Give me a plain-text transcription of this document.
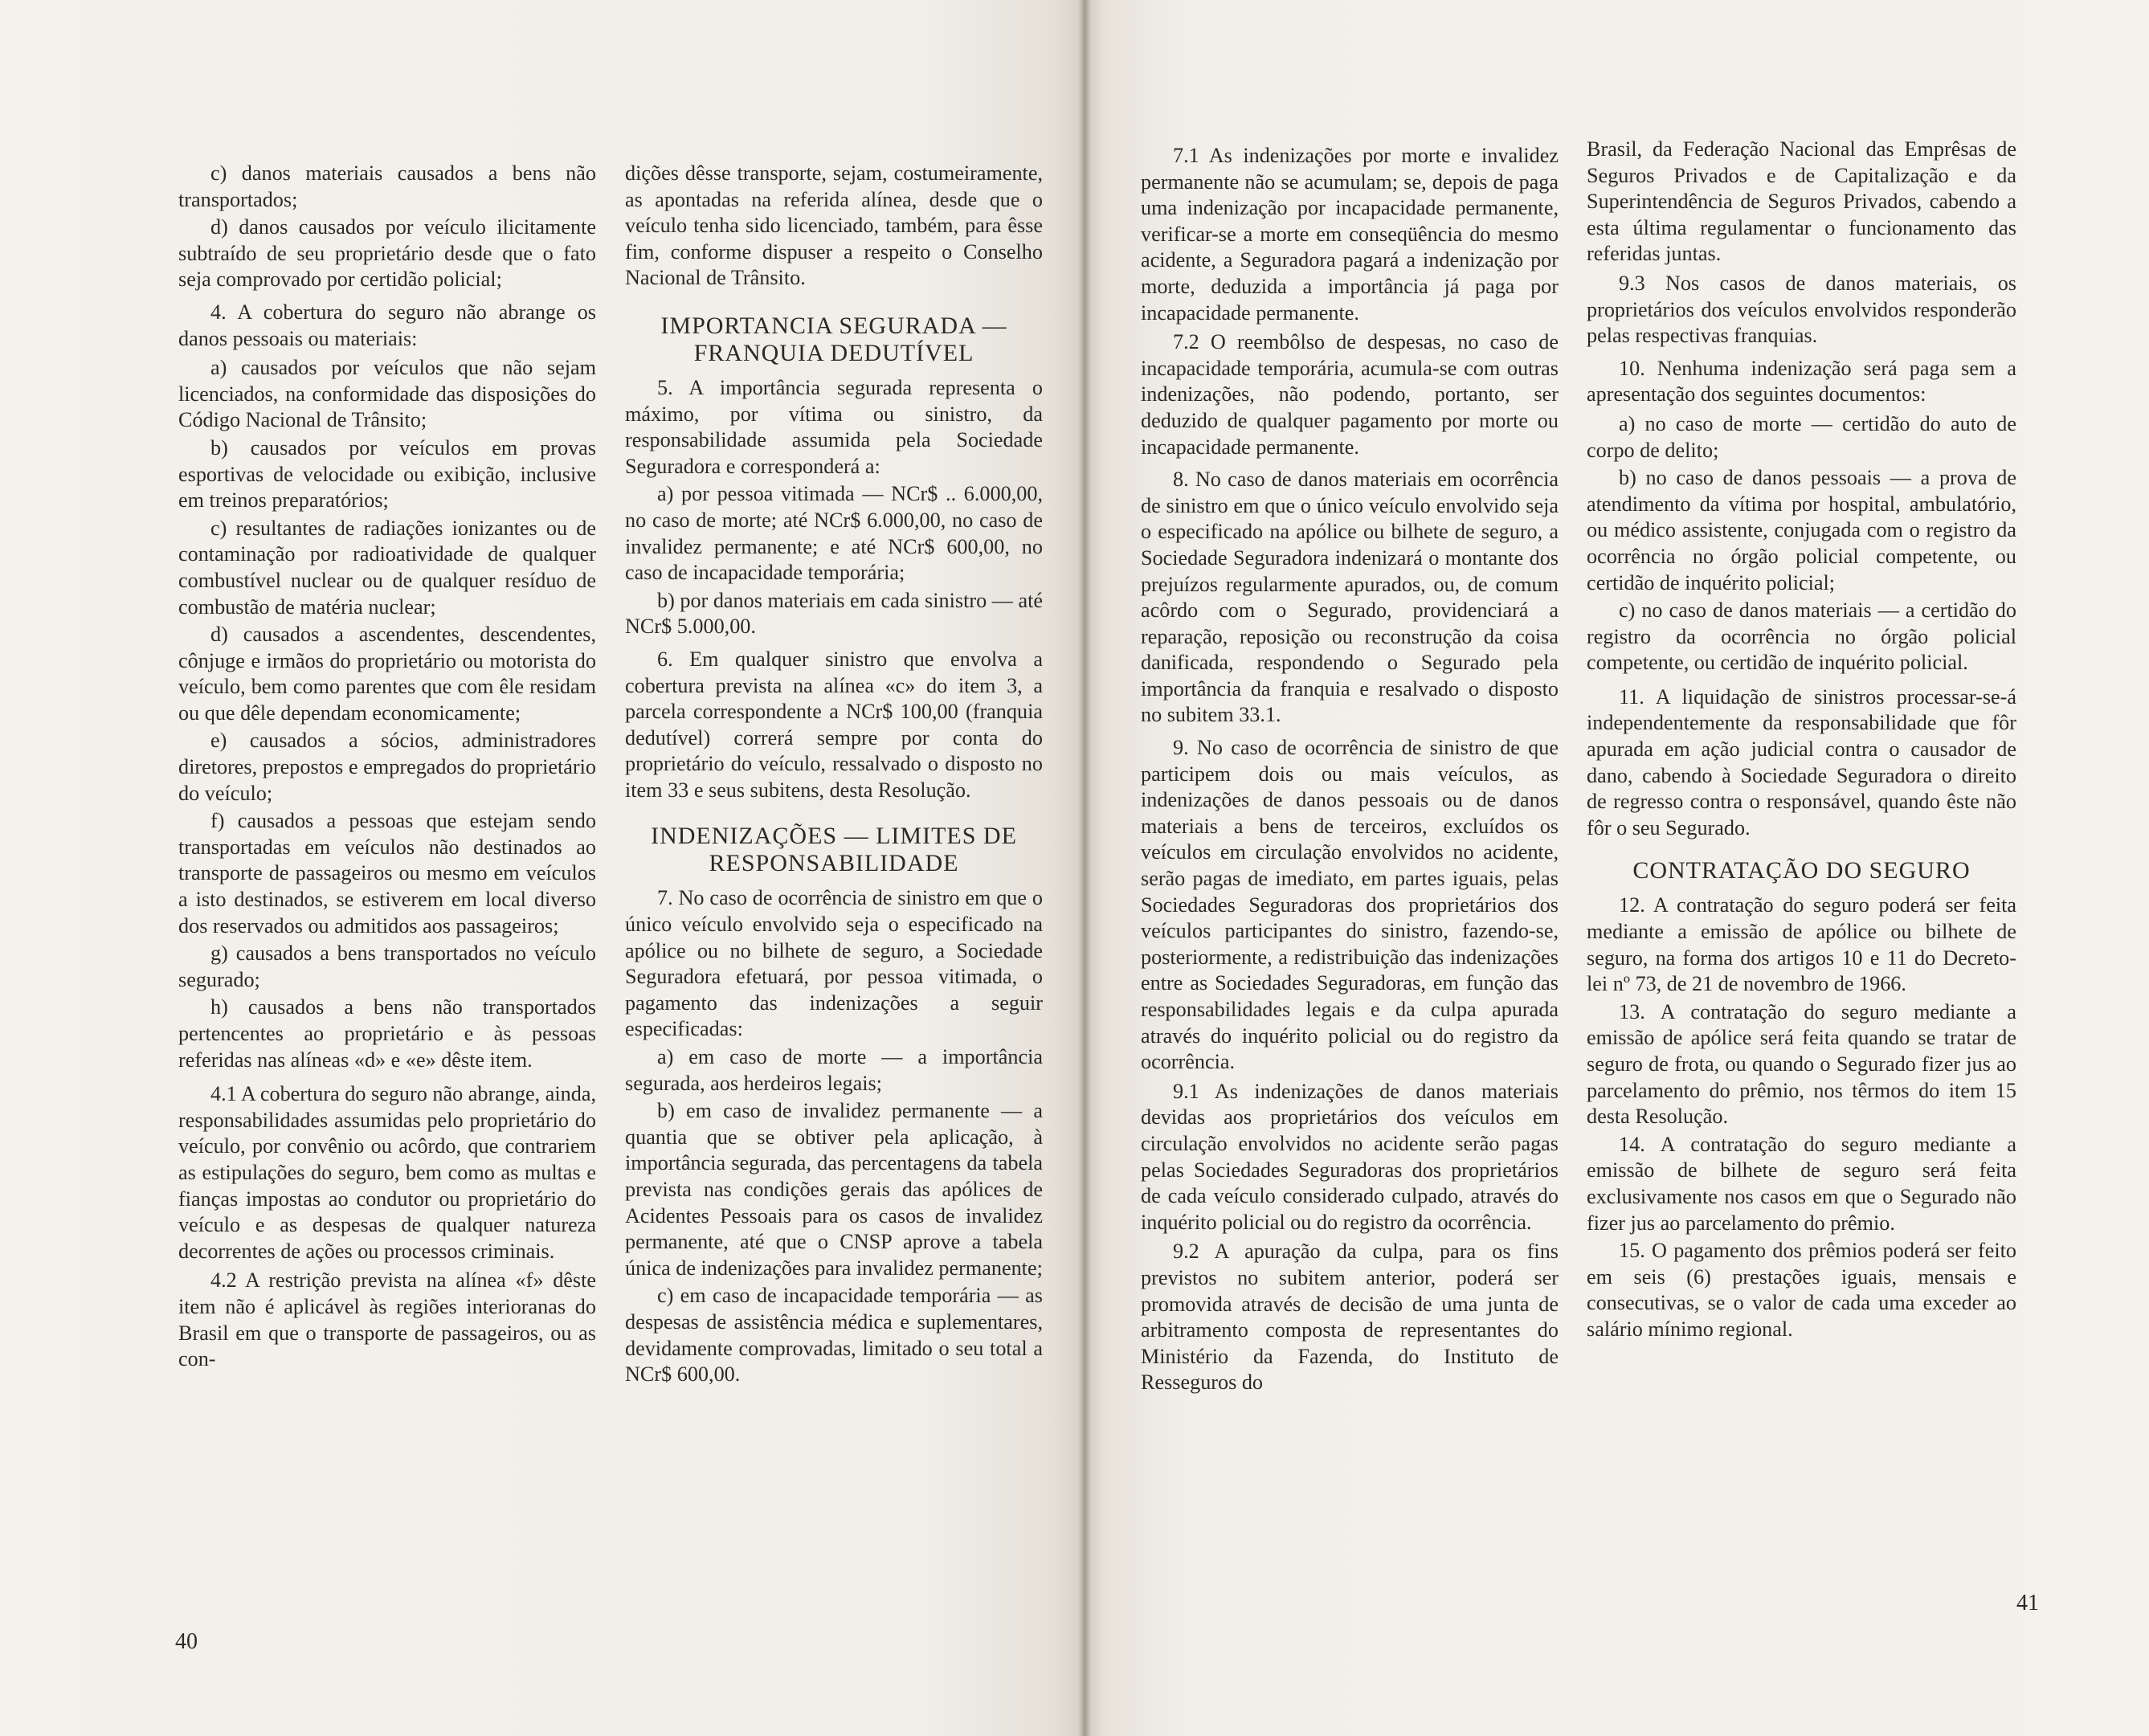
c) danos materiais causados a bens não transportados;

d) danos causados por veículo ilicitamente subtraído de seu proprietário desde que o fato seja comprovado por certidão policial;

4. A cobertura do seguro não abrange os danos pessoais ou materiais:

a) causados por veículos que não sejam licenciados, na conformidade das disposições do Código Nacional de Trânsito;

b) causados por veículos em provas esportivas de velocidade ou exibição, inclusive em treinos preparatórios;

c) resultantes de radiações ionizantes ou de contaminação por radioatividade de qualquer combustível nuclear ou de qualquer resíduo de combustão de matéria nuclear;

d) causados a ascendentes, descendentes, cônjuge e irmãos do proprietário ou motorista do veículo, bem como parentes que com êle residam ou que dêle dependam economicamente;

e) causados a sócios, administradores diretores, prepostos e empregados do proprietário do veículo;

f) causados a pessoas que estejam sendo transportadas em veículos não destinados ao transporte de passageiros ou mesmo em veículos a isto destinados, se estiverem em local diverso dos reservados ou admitidos aos passageiros;

g) causados a bens transportados no veículo segurado;

h) causados a bens não transportados pertencentes ao proprietário e às pessoas referidas nas alíneas «d» e «e» dêste item.

4.1 A cobertura do seguro não abrange, ainda, responsabilidades assumidas pelo proprietário do veículo, por convênio ou acôrdo, que contrariem as estipulações do seguro, bem como as multas e fianças impostas ao condutor ou proprietário do veículo e as despesas de qualquer natureza decorrentes de ações ou processos criminais.

4.2 A restrição prevista na alínea «f» dêste item não é aplicável às regiões interioranas do Brasil em que o transporte de passageiros, ou as con-

dições dêsse transporte, sejam, costumeiramente, as apontadas na referida alínea, desde que o veículo tenha sido licenciado, também, para êsse fim, conforme dispuser a respeito o Conselho Nacional de Trânsito.

IMPORTANCIA SEGURADA — FRANQUIA DEDUTÍVEL

5. A importância segurada representa o máximo, por vítima ou sinistro, da responsabilidade assumida pela Sociedade Seguradora e corresponderá a:

a) por pessoa vitimada — NCr$ .. 6.000,00, no caso de morte; até NCr$ 6.000,00, no caso de invalidez permanente; e até NCr$ 600,00, no caso de incapacidade temporária;

b) por danos materiais em cada sinistro — até NCr$ 5.000,00.

6. Em qualquer sinistro que envolva a cobertura prevista na alínea «c» do item 3, a parcela correspondente a NCr$ 100,00 (franquia dedutível) correrá sempre por conta do proprietário do veículo, ressalvado o disposto no item 33 e seus subitens, desta Resolução.

INDENIZAÇÕES — LIMITES DE RESPONSABILIDADE

7. No caso de ocorrência de sinistro em que o único veículo envolvido seja o especificado na apólice ou no bilhete de seguro, a Sociedade Seguradora efetuará, por pessoa vitimada, o pagamento das indenizações a seguir especificadas:

a) em caso de morte — a importância segurada, aos herdeiros legais;

b) em caso de invalidez permanente — a quantia que se obtiver pela aplicação, à importância segurada, das percentagens da tabela prevista nas condições gerais das apólices de Acidentes Pessoais para os casos de invalidez permanente, até que o CNSP aprove a tabela única de indenizações para invalidez permanente;

c) em caso de incapacidade temporária — as despesas de assistência médica e suplementares, devidamente comprovadas, limitado o seu total a NCr$ 600,00.

7.1 As indenizações por morte e invalidez permanente não se acumulam; se, depois de paga uma indenização por incapacidade permanente, verificar-se a morte em conseqüência do mesmo acidente, a Seguradora pagará a indenização por morte, deduzida a importância já paga por incapacidade permanente.

7.2 O reembôlso de despesas, no caso de incapacidade temporária, acumula-se com outras indenizações, não podendo, portanto, ser deduzido de qualquer pagamento por morte ou incapacidade permanente.

8. No caso de danos materiais em ocorrência de sinistro em que o único veículo envolvido seja o especificado na apólice ou bilhete de seguro, a Sociedade Seguradora indenizará o montante dos prejuízos regularmente apurados, ou, de comum acôrdo com o Segurado, providenciará a reparação, reposição ou reconstrução da coisa danificada, respondendo o Segurado pela importância da franquia e resalvado o disposto no subitem 33.1.

9. No caso de ocorrência de sinistro de que participem dois ou mais veículos, as indenizações de danos pessoais ou de danos materiais a bens de terceiros, excluídos os veículos em circulação envolvidos no acidente, serão pagas de imediato, em partes iguais, pelas Sociedades Seguradoras dos proprietários dos veículos participantes do sinistro, fazendo-se, posteriormente, a redistribuição das indenizações entre as Sociedades Seguradoras, em função das responsabilidades legais e da culpa apurada através do inquérito policial ou do registro da ocorrência.

9.1 As indenizações de danos materiais devidas aos proprietários dos veículos em circulação envolvidos no acidente serão pagas pelas Sociedades Seguradoras dos proprietários de cada veículo considerado culpado, através do inquérito policial ou do registro da ocorrência.

9.2 A apuração da culpa, para os fins previstos no subitem anterior, poderá ser promovida através de decisão de uma junta de arbitramento composta de representantes do Ministério da Fazenda, do Instituto de Resseguros do

Brasil, da Federação Nacional das Emprêsas de Seguros Privados e de Capitalização e da Superintendência de Seguros Privados, cabendo a esta última regulamentar o funcionamento das referidas juntas.

9.3 Nos casos de danos materiais, os proprietários dos veículos envolvidos responderão pelas respectivas franquias.

10. Nenhuma indenização será paga sem a apresentação dos seguintes documentos:

a) no caso de morte — certidão do auto de corpo de delito;

b) no caso de danos pessoais — a prova de atendimento da vítima por hospital, ambulatório, ou médico assistente, conjugada com o registro da ocorrência no órgão policial competente, ou certidão de inquérito policial;

c) no caso de danos materiais — a certidão do registro da ocorrência no órgão policial competente, ou certidão de inquérito policial.

11. A liquidação de sinistros processar-se-á independentemente da responsabilidade que fôr apurada em ação judicial contra o causador de dano, cabendo à Sociedade Seguradora o direito de regresso contra o responsável, quando êste não fôr o seu Segurado.

CONTRATAÇÃO DO SEGURO

12. A contratação do seguro poderá ser feita mediante a emissão de apólice ou bilhete de seguro, na forma dos artigos 10 e 11 do Decreto-lei nº 73, de 21 de novembro de 1966.

13. A contratação do seguro mediante a emissão de apólice será feita quando se tratar de seguro de frota, ou quando o Segurado fizer jus ao parcelamento do prêmio, nos têrmos do item 15 desta Resolução.

14. A contratação do seguro mediante a emissão de bilhete de seguro será feita exclusivamente nos casos em que o Segurado não fizer jus ao parcelamento do prêmio.

15. O pagamento dos prêmios poderá ser feito em seis (6) prestações iguais, mensais e consecutivas, se o valor de cada uma exceder ao salário mínimo regional.

40
41
